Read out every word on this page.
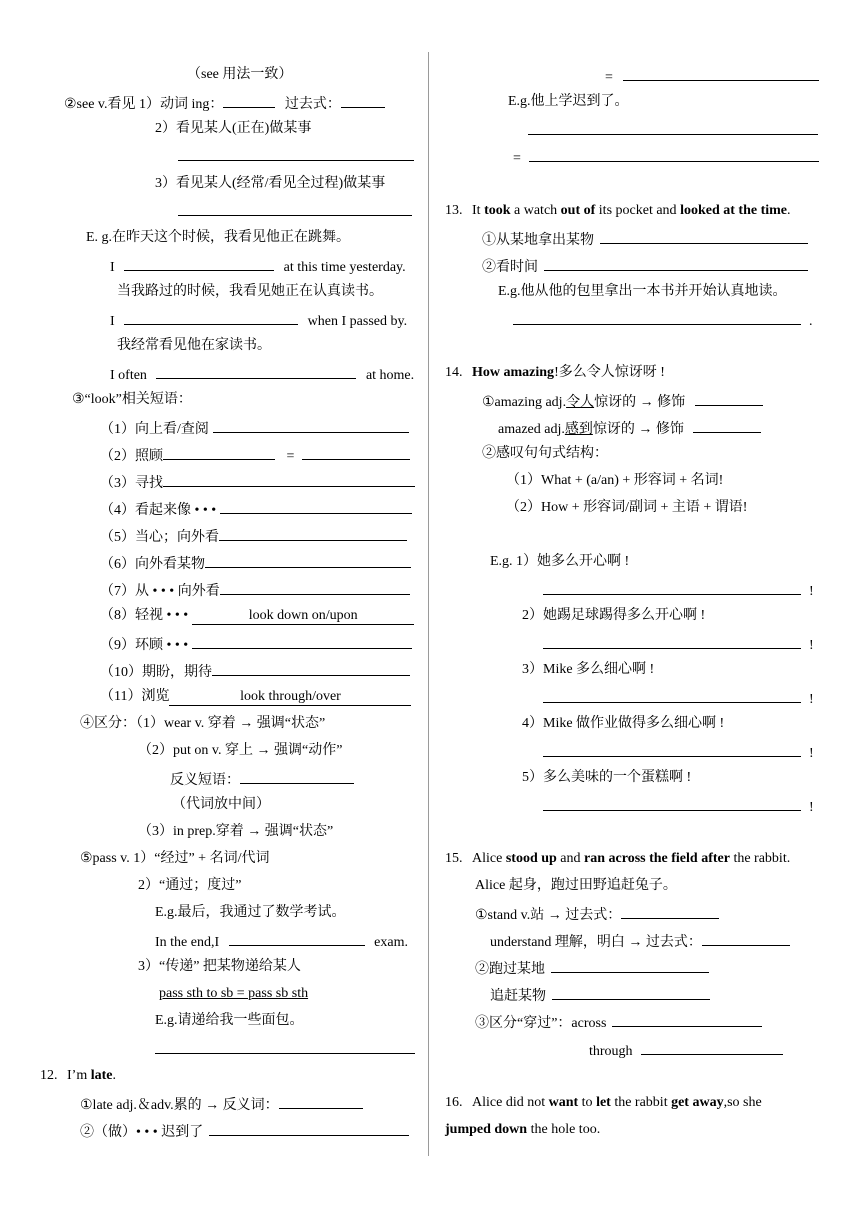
（see 用法一致）
②see v.看见 1）动词 ing：	过去式：
2）看见某人(正在)做某事
3）看见某人(经常/看见全过程)做某事
E. g.在昨天这个时候，我看见他正在跳舞。
I	at this time yesterday.
当我路过的时候，我看见她正在认真读书。
I	when I passed by.
我经常看见他在家读书。
I often	at home.
③“look”相关短语：
（1）向上看/查阅
（2）照顾	=
（3）寻找
（4）看起来像 • • •
（5）当心；向外看
（6）向外看某物
（7）从 • • • 向外看
（8）轻视 • • •	look down on/upon
（9）环顾 • • •
（10）期盼，期待
（11）浏览	look through/over
④区分：（1）wear v. 穿着 → 强调“状态”
（2）put on v. 穿上 → 强调“动作”
反义短语：
（代词放中间）
（3）in prep.穿着 → 强调“状态”
⑤pass v. 1）“经过” + 名词/代词
2）“通过；度过”
E.g.最后，我通过了数学考试。
In the end,I	exam.
3）“传递” 把某物递给某人
pass sth to sb = pass sb sth
E.g.请递给我一些面包。
12. I’m late.
①late adj.＆adv.累的 → 反义词：
②（做）• • • 迟到了
=
E.g.他上学迟到了。
=
13. It took a watch out of its pocket and looked at the time.
①从某地拿出某物
②看时间
E.g.他从他的包里拿出一本书并开始认真地读。
.
14. How amazing!多么令人惊讶呀 !
①amazing adj.令人惊讶的 → 修饰
amazed adj.感到惊讶的 → 修饰
②感叹句句式结构：
（1）What + (a/an) + 形容词 + 名词!
（2）How + 形容词/副词 + 主语 + 谓语!
E.g. 1）她多么开心啊 !
!
2）她踢足球踢得多么开心啊 !
!
3）Mike 多么细心啊 !
!
4）Mike 做作业做得多么细心啊 !
!
5）多么美味的一个蛋糕啊 !
!
15. Alice stood up and ran across the field after the rabbit.
Alice 起身，跑过田野追赶兔子。
①stand v.站 → 过去式：
understand 理解，明白 → 过去式：
②跑过某地
追赶某物
③区分“穿过”：across
through
16. Alice did not want to let the rabbit get away,so she
jumped down the hole too.
